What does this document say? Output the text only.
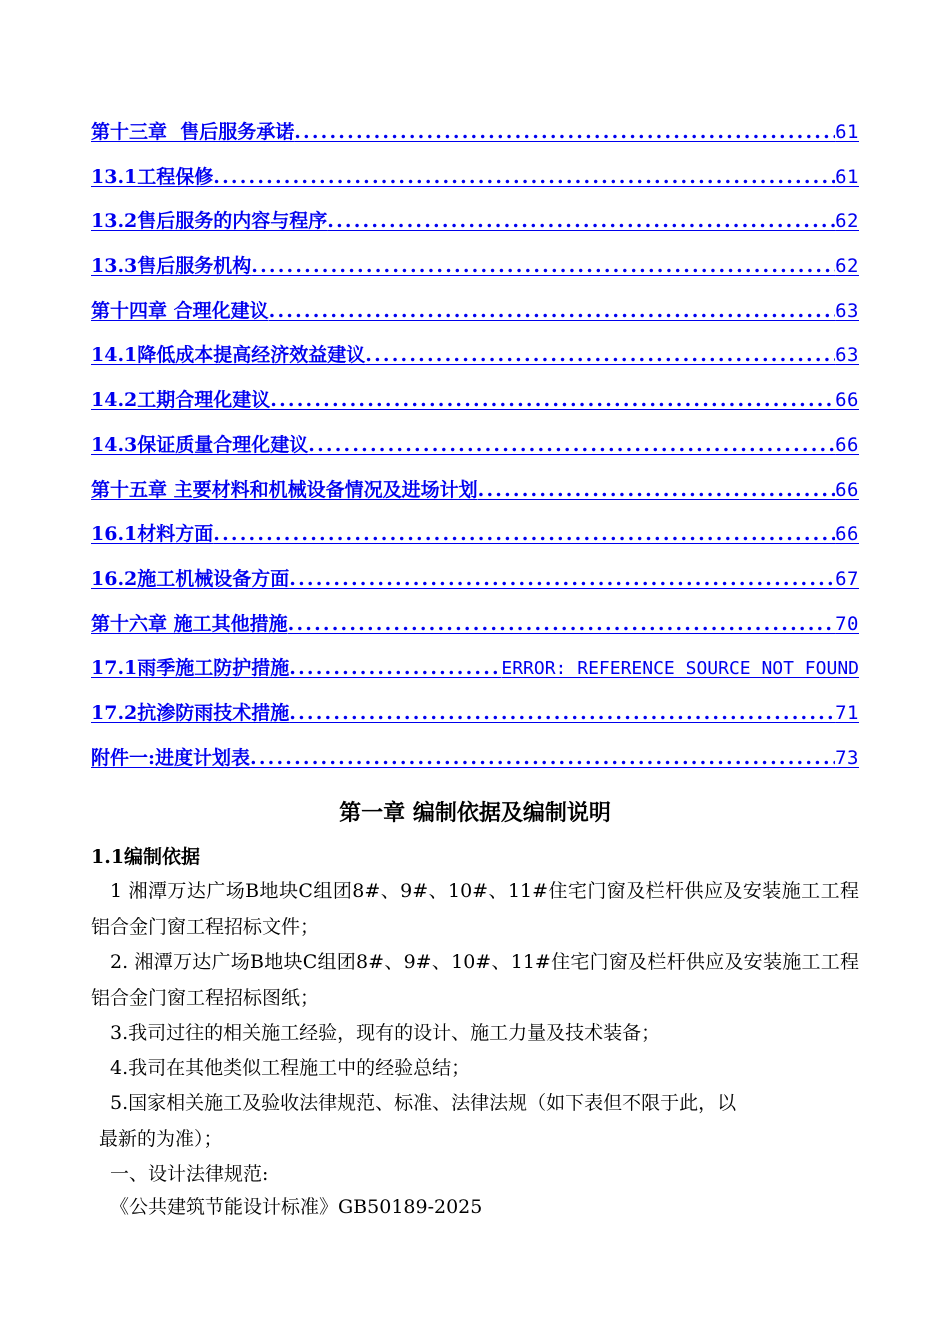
第十三章  售后服务承诺 .....	61
13.1工程保修 .....	61
13.2售后服务的内容与程序 .....	62
13.3售后服务机构 .....	62
第十四章 合理化建议 .....	63
14.1降低成本提高经济效益建议 .....	63
14.2工期合理化建议 .....	66
14.3保证质量合理化建议 .....	66
第十五章 主要材料和机械设备情况及进场计划 .....	66
16.1材料方面 .....	66
16.2施工机械设备方面 .....	67
第十六章 施工其他措施 .....	70
17.1雨季施工防护措施 .....	ERROR: REFERENCE SOURCE NOT FOUND
17.2抗渗防雨技术措施 .....	71
附件一:进度计划表 .....	73
第一章 编制依据及编制说明
1.1编制依据
1 湘潭万达广场B地块C组团8#、9#、10#、11#住宅门窗及栏杆供应及安装施工工程 铝合金门窗工程招标文件；
2. 湘潭万达广场B地块C组团8#、9#、10#、11#住宅门窗及栏杆供应及安装施工工程铝合金门窗工程招标图纸；
3.我司过往的相关施工经验，现有的设计、施工力量及技术装备；
4.我司在其他类似工程施工中的经验总结；
5.国家相关施工及验收法律规范、标准、法律法规（如下表但不限于此，以
最新的为准）；
一、设计法律规范:
《公共建筑节能设计标准》GB50189-2025
